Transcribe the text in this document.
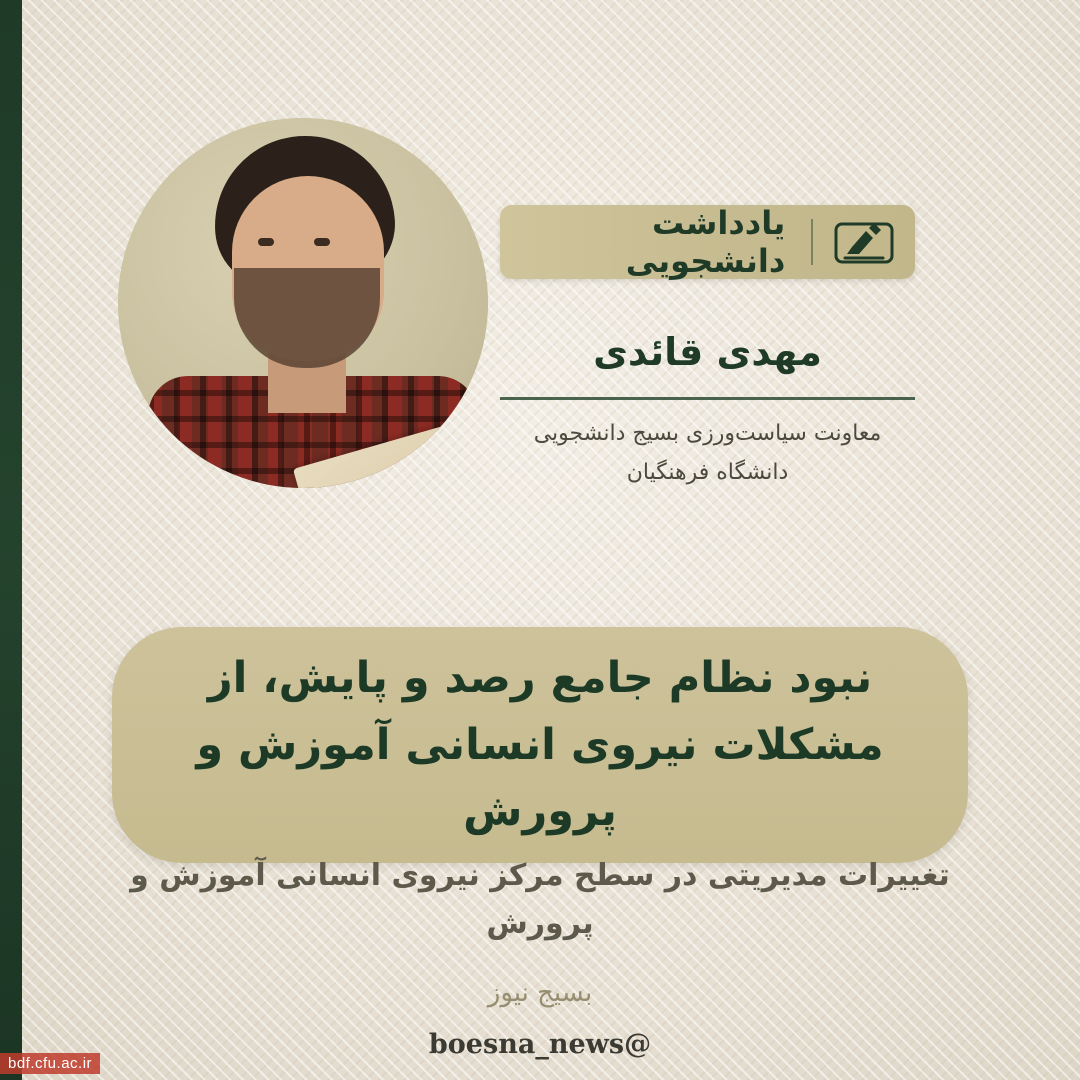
یادداشت دانشجویی
مهدی قائدی
معاونت سیاست‌ورزی بسیج دانشجویی
دانشگاه فرهنگیان
نبود نظام جامع رصد و پایش، از مشکلات نیروی انسانی آموزش و پرورش
تغییرات مدیریتی در سطح مرکز نیروی انسانی آموزش و پرورش
بسیج نیوز
@boesna_news
bdf.cfu.ac.ir
